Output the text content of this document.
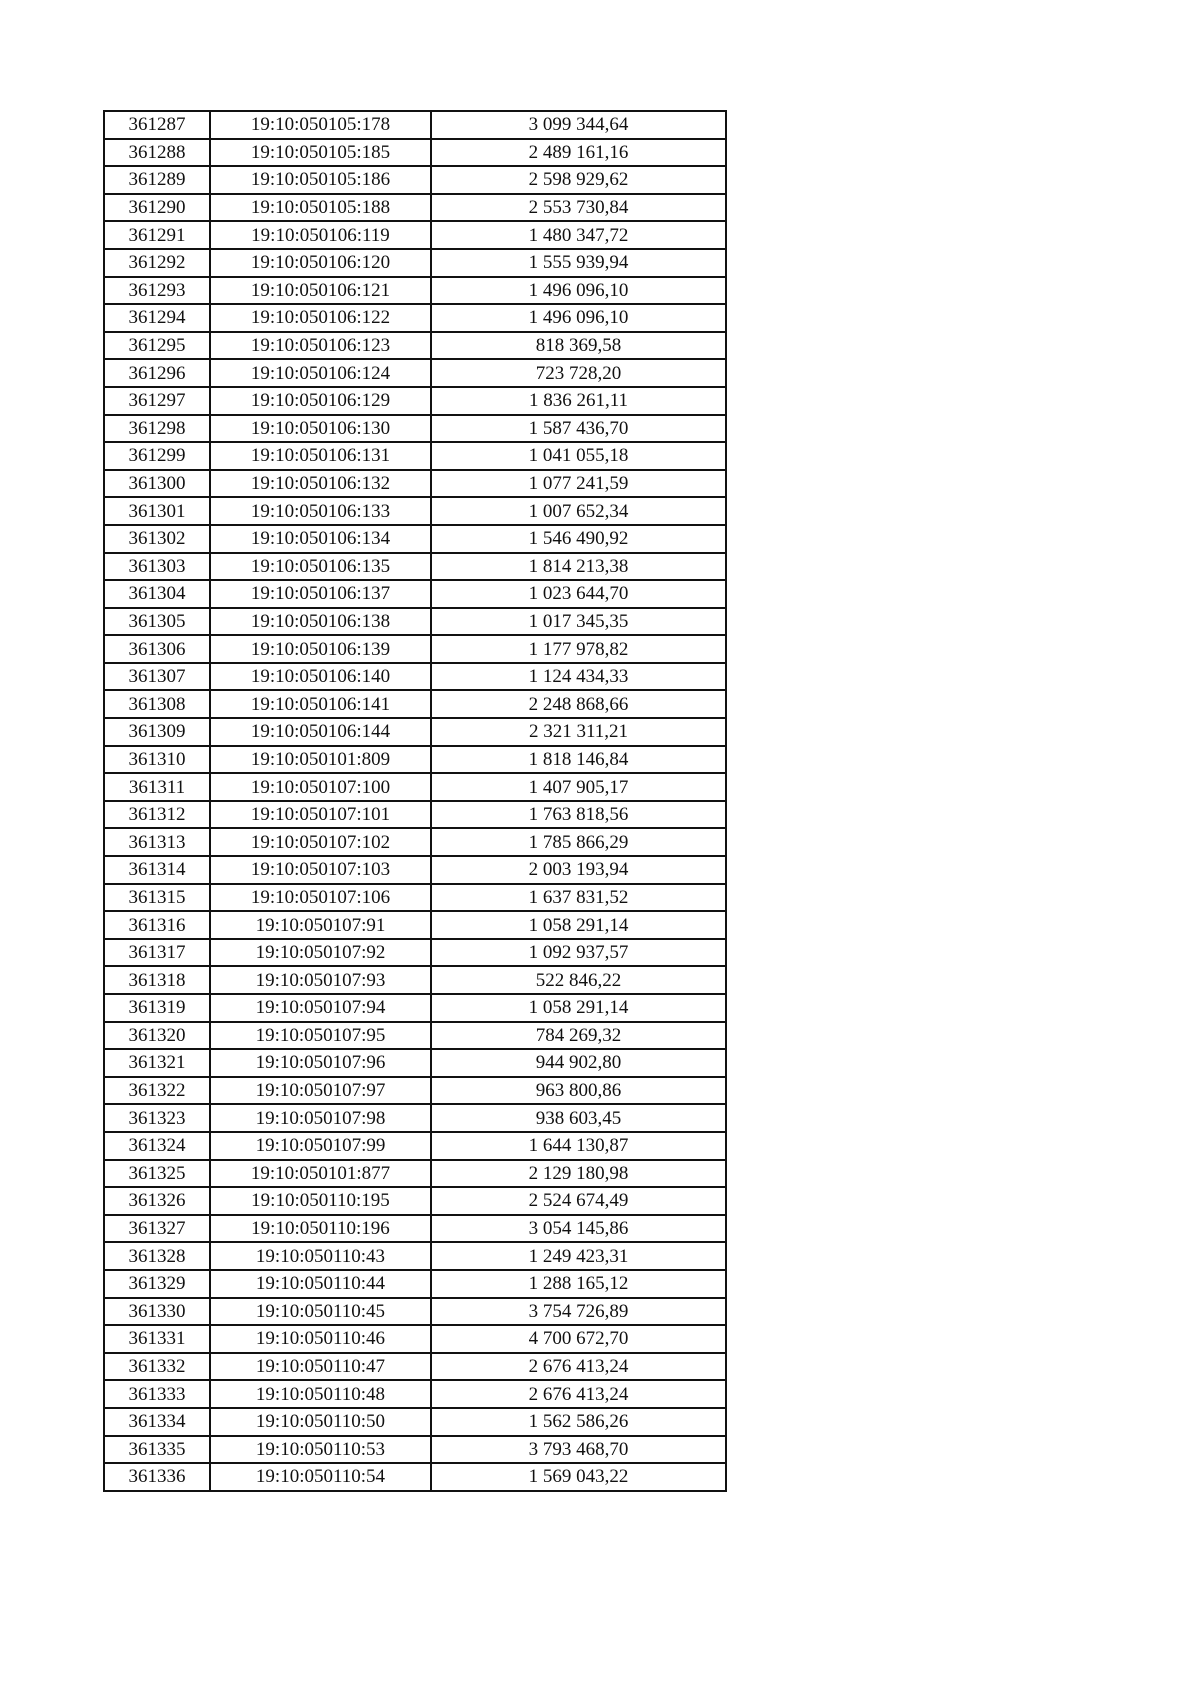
361287	19:10:050105:178	3 099 344,64
361288	19:10:050105:185	2 489 161,16
361289	19:10:050105:186	2 598 929,62
361290	19:10:050105:188	2 553 730,84
361291	19:10:050106:119	1 480 347,72
361292	19:10:050106:120	1 555 939,94
361293	19:10:050106:121	1 496 096,10
361294	19:10:050106:122	1 496 096,10
361295	19:10:050106:123	818 369,58
361296	19:10:050106:124	723 728,20
361297	19:10:050106:129	1 836 261,11
361298	19:10:050106:130	1 587 436,70
361299	19:10:050106:131	1 041 055,18
361300	19:10:050106:132	1 077 241,59
361301	19:10:050106:133	1 007 652,34
361302	19:10:050106:134	1 546 490,92
361303	19:10:050106:135	1 814 213,38
361304	19:10:050106:137	1 023 644,70
361305	19:10:050106:138	1 017 345,35
361306	19:10:050106:139	1 177 978,82
361307	19:10:050106:140	1 124 434,33
361308	19:10:050106:141	2 248 868,66
361309	19:10:050106:144	2 321 311,21
361310	19:10:050101:809	1 818 146,84
361311	19:10:050107:100	1 407 905,17
361312	19:10:050107:101	1 763 818,56
361313	19:10:050107:102	1 785 866,29
361314	19:10:050107:103	2 003 193,94
361315	19:10:050107:106	1 637 831,52
361316	19:10:050107:91	1 058 291,14
361317	19:10:050107:92	1 092 937,57
361318	19:10:050107:93	522 846,22
361319	19:10:050107:94	1 058 291,14
361320	19:10:050107:95	784 269,32
361321	19:10:050107:96	944 902,80
361322	19:10:050107:97	963 800,86
361323	19:10:050107:98	938 603,45
361324	19:10:050107:99	1 644 130,87
361325	19:10:050101:877	2 129 180,98
361326	19:10:050110:195	2 524 674,49
361327	19:10:050110:196	3 054 145,86
361328	19:10:050110:43	1 249 423,31
361329	19:10:050110:44	1 288 165,12
361330	19:10:050110:45	3 754 726,89
361331	19:10:050110:46	4 700 672,70
361332	19:10:050110:47	2 676 413,24
361333	19:10:050110:48	2 676 413,24
361334	19:10:050110:50	1 562 586,26
361335	19:10:050110:53	3 793 468,70
361336	19:10:050110:54	1 569 043,22
